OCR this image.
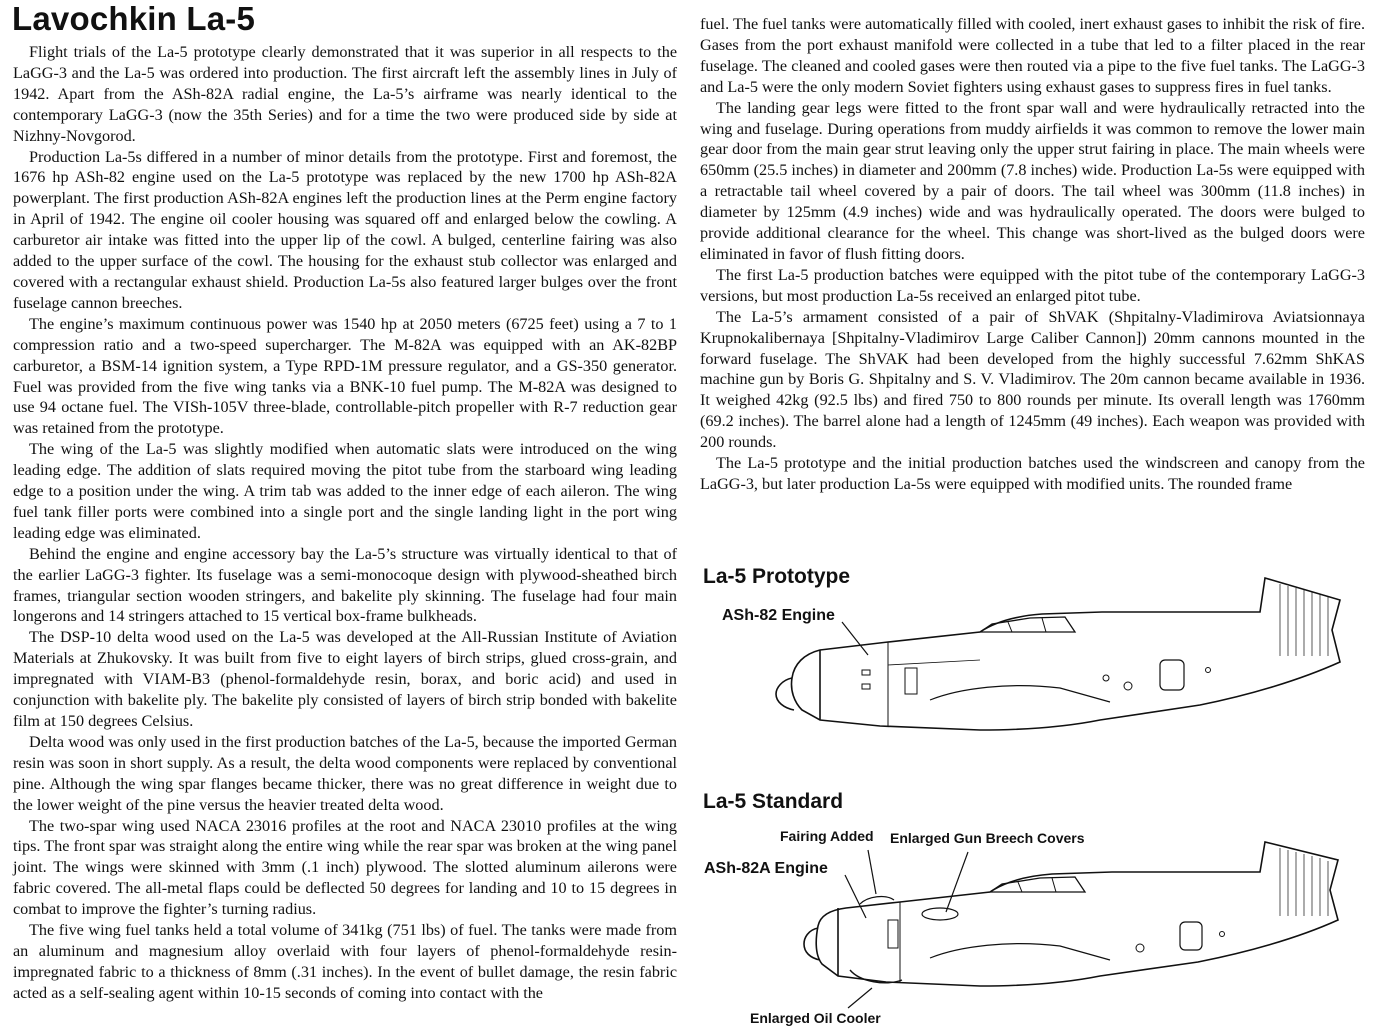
Lavochkin La-5

Flight trials of the La-5 prototype clearly demonstrated that it was superior in all respects to the LaGG-3 and the La-5 was ordered into production. The first aircraft left the assembly lines in July of 1942. Apart from the ASh-82A radial engine, the La-5’s airframe was nearly identical to the contemporary LaGG-3 (now the 35th Series) and for a time the two were produced side by side at Nizhny-Novgorod.

Production La-5s differed in a number of minor details from the prototype. First and foremost, the 1676 hp ASh-82 engine used on the La-5 prototype was replaced by the new 1700 hp ASh-82A powerplant. The first production ASh-82A engines left the production lines at the Perm engine factory in April of 1942. The engine oil cooler housing was squared off and enlarged below the cowling. A carburetor air intake was fitted into the upper lip of the cowl. A bulged, centerline fairing was also added to the upper surface of the cowl. The housing for the exhaust stub collector was enlarged and covered with a rectangular exhaust shield. Production La-5s also featured larger bulges over the front fuselage cannon breeches.

The engine’s maximum continuous power was 1540 hp at 2050 meters (6725 feet) using a 7 to 1 compression ratio and a two-speed supercharger. The M-82A was equipped with an AK-82BP carburetor, a BSM-14 ignition system, a Type RPD-1M pressure regulator, and a GS-350 generator. Fuel was provided from the five wing tanks via a BNK-10 fuel pump. The M-82A was designed to use 94 octane fuel. The VISh-105V three-blade, controllable-pitch propeller with R-7 reduction gear was retained from the prototype.

The wing of the La-5 was slightly modified when automatic slats were introduced on the wing leading edge. The addition of slats required moving the pitot tube from the starboard wing leading edge to a position under the wing. A trim tab was added to the inner edge of each aileron. The wing fuel tank filler ports were combined into a single port and the single landing light in the port wing leading edge was eliminated.

Behind the engine and engine accessory bay the La-5’s structure was virtually identical to that of the earlier LaGG-3 fighter. Its fuselage was a semi-monocoque design with plywood-sheathed birch frames, triangular section wooden stringers, and bakelite ply skinning. The fuselage had four main longerons and 14 stringers attached to 15 vertical box-frame bulkheads.

The DSP-10 delta wood used on the La-5 was developed at the All-Russian Institute of Aviation Materials at Zhukovsky. It was built from five to eight layers of birch strips, glued cross-grain, and impregnated with VIAM-B3 (phenol-formaldehyde resin, borax, and boric acid) and used in conjunction with bakelite ply. The bakelite ply consisted of layers of birch strip bonded with bakelite film at 150 degrees Celsius.

Delta wood was only used in the first production batches of the La-5, because the imported German resin was soon in short supply. As a result, the delta wood components were replaced by conventional pine. Although the wing spar flanges became thicker, there was no great difference in weight due to the lower weight of the pine versus the heavier treated delta wood.

The two-spar wing used NACA 23016 profiles at the root and NACA 23010 profiles at the wing tips. The front spar was straight along the entire wing while the rear spar was broken at the wing panel joint. The wings were skinned with 3mm (.1 inch) plywood. The slotted aluminum ailerons were fabric covered. The all-metal flaps could be deflected 50 degrees for landing and 10 to 15 degrees in combat to improve the fighter’s turning radius.

The five wing fuel tanks held a total volume of 341kg (751 lbs) of fuel. The tanks were made from an aluminum and magnesium alloy overlaid with four layers of phenol-formaldehyde resin-impregnated fabric to a thickness of 8mm (.31 inches). In the event of bullet damage, the resin fabric acted as a self-sealing agent within 10-15 seconds of coming into contact with the

fuel. The fuel tanks were automatically filled with cooled, inert exhaust gases to inhibit the risk of fire. Gases from the port exhaust manifold were collected in a tube that led to a filter placed in the rear fuselage. The cleaned and cooled gases were then routed via a pipe to the five fuel tanks. The LaGG-3 and La-5 were the only modern Soviet fighters using exhaust gases to suppress fires in fuel tanks.

The landing gear legs were fitted to the front spar wall and were hydraulically retracted into the wing and fuselage. During operations from muddy airfields it was common to remove the lower main gear door from the main gear strut leaving only the upper strut fairing in place. The main wheels were 650mm (25.5 inches) in diameter and 200mm (7.8 inches) wide. Production La-5s were equipped with a retractable tail wheel covered by a pair of doors. The tail wheel was 300mm (11.8 inches) in diameter by 125mm (4.9 inches) wide and was hydraulically operated. The doors were bulged to provide additional clearance for the wheel. This change was short-lived as the bulged doors were eliminated in favor of flush fitting doors.

The first La-5 production batches were equipped with the pitot tube of the contemporary LaGG-3 versions, but most production La-5s received an enlarged pitot tube.

The La-5’s armament consisted of a pair of ShVAK (Shpitalny-Vladimirova Aviatsionnaya Krupnokalibernaya [Shpitalny-Vladimirov Large Caliber Cannon]) 20mm cannons mounted in the forward fuselage. The ShVAK had been developed from the highly successful 7.62mm ShKAS machine gun by Boris G. Shpitalny and S. V. Vladimirov. The 20m cannon became available in 1936. It weighed 42kg (92.5 lbs) and fired 750 to 800 rounds per minute. Its overall length was 1760mm (69.2 inches). The barrel alone had a length of 1245mm (49 inches). Each weapon was provided with 200 rounds.

The La-5 prototype and the initial production batches used the windscreen and canopy from the LaGG-3, but later production La-5s were equipped with modified units. The rounded frame

La-5 Prototype
ASh-82 Engine
La-5 Standard
Fairing Added Enlarged Gun Breech Covers
ASh-82A Engine
Enlarged Oil Cooler
